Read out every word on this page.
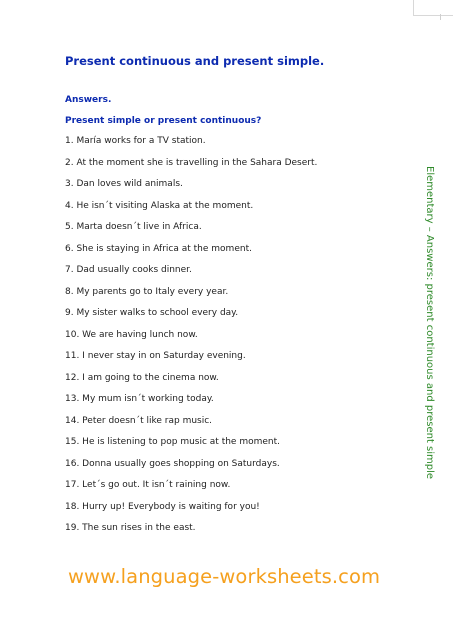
Present continuous and present simple.
Answers.
Present simple or present continuous?
1. María works for a TV station.
2. At the moment she is travelling in the Sahara Desert.
3. Dan loves wild animals.
4. He isn´t visiting Alaska at the moment.
5. Marta doesn´t live in Africa.
6. She is staying in Africa at the moment.
7. Dad usually cooks dinner.
8. My parents go to Italy every year.
9. My sister walks to school every day.
10. We are having lunch now.
11. I never stay in on Saturday evening.
12. I am going to the cinema now.
13. My mum isn´t working today.
14. Peter doesn´t like rap music.
15. He is listening to pop music at the moment.
16. Donna usually goes shopping on Saturdays.
17. Let´s go out. It isn´t raining now.
18. Hurry up! Everybody is waiting for you!
19. The sun rises in the east.
Elementary – Answers: present continuous and present simple

www.language-worksheets.com
